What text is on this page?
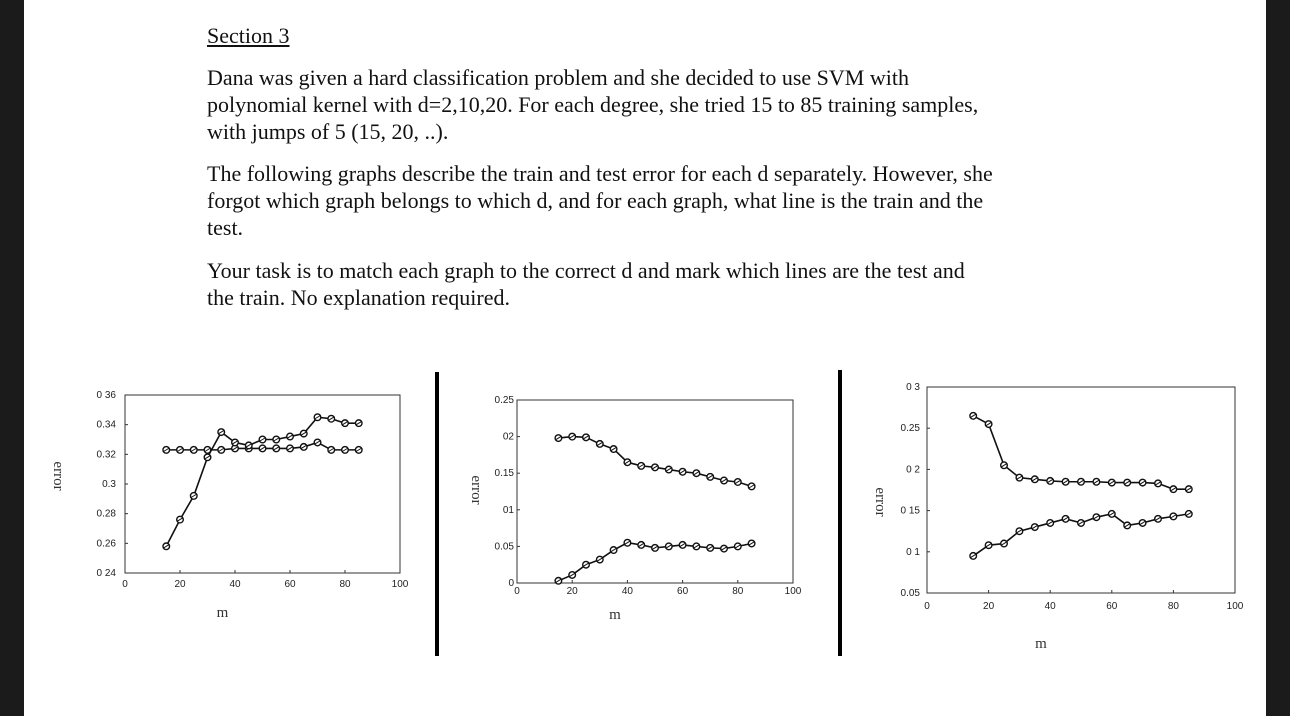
Section 3
Dana was given a hard classification problem and she decided to use SVM with
polynomial kernel with d=2,10,20. For each degree, she tried 15 to 85 training samples,
with jumps of 5 (15, 20, ..).
The following graphs describe the train and test error for each d separately. However, she
forgot which graph belongs to which d, and for each graph, what line is the train and the
test.
Your task is to match each graph to the correct d and mark which lines are the test and
the train. No explanation required.
0	20	40	60	80	100
0 24
0.26
0.28
0.3
0.32
0.34
0 36
m
error
0	20	40	60	80	100
0
0.05
01
0.15
02
0.25
m
error
0	20	40	60	80	100
0.05
0 1
0 15
0 2
0.25
0 3
m
error
